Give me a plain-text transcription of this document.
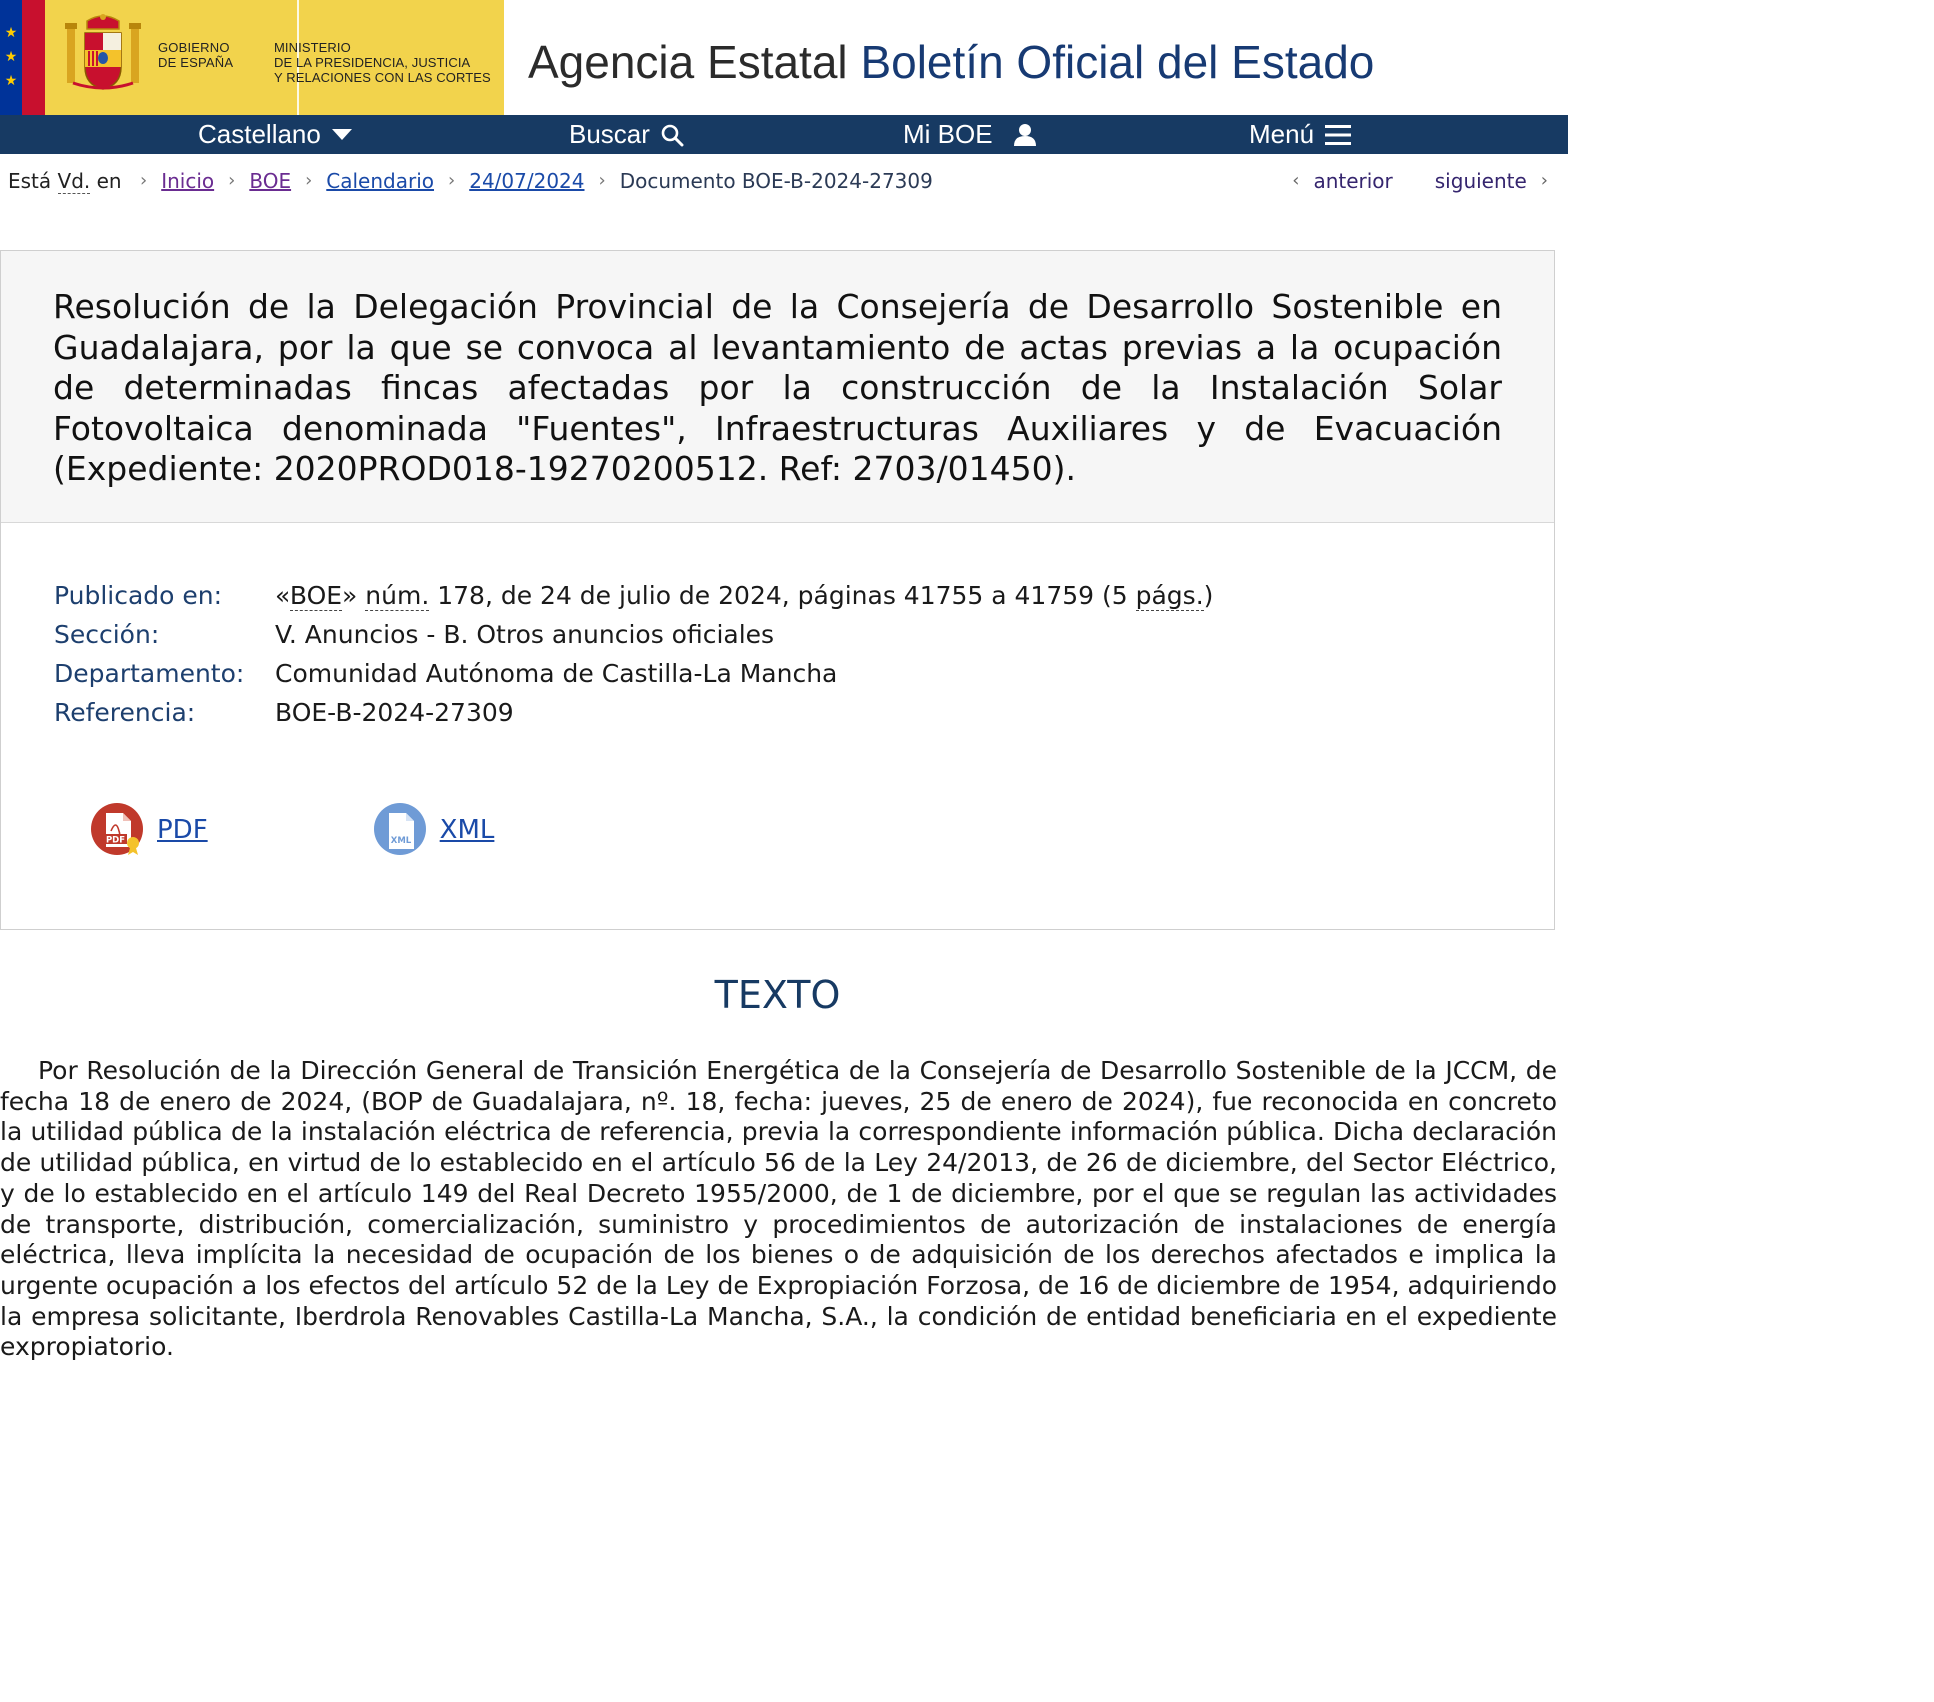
★
★
★
GOBIERNO
DE ESPAÑA
MINISTERIO
DE LA PRESIDENCIA, JUSTICIA
Y RELACIONES CON LAS CORTES Agencia Estatal Boletín Oficial del Estado
Castellano	Buscar	Mi BOE	Menú
Está Vd. en › Inicio › BOE › Calendario › 24/07/2024 › Documento BOE-B-2024-27309	‹ anterior siguiente ›
Resolución de la Delegación Provincial de la Consejería de Desarrollo Sostenible en Guadalajara, por la que se convoca al levantamiento de actas previas a la ocupación de determinadas fincas afectadas por la construcción de la Instalación Solar Fotovoltaica denominada "Fuentes", Infraestructuras Auxiliares y de Evacuación (Expediente: 2020PROD018-19270200512. Ref: 2703/01450).
Publicado en:	«BOE» núm. 178, de 24 de julio de 2024, páginas 41755 a 41759 (5 págs.)
Sección:	V. Anuncios - B. Otros anuncios oficiales
Departamento:	Comunidad Autónoma de Castilla-La Mancha
Referencia:	BOE-B-2024-27309
PDF PDF	XML XML
TEXTO

Por Resolución de la Dirección General de Transición Energética de la Consejería de Desarrollo Sostenible de la JCCM, de fecha 18 de enero de 2024, (BOP de Guadalajara, nº. 18, fecha: jueves, 25 de enero de 2024), fue reconocida en concreto la utilidad pública de la instalación eléctrica de referencia, previa la correspondiente información pública. Dicha declaración de utilidad pública, en virtud de lo establecido en el artículo 56 de la Ley 24/2013, de 26 de diciembre, del Sector Eléctrico, y de lo establecido en el artículo 149 del Real Decreto 1955/2000, de 1 de diciembre, por el que se regulan las actividades de transporte, distribución, comercialización, suministro y procedimientos de autorización de instalaciones de energía eléctrica, lleva implícita la necesidad de ocupación de los bienes o de adquisición de los derechos afectados e implica la urgente ocupación a los efectos del artículo 52 de la Ley de Expropiación Forzosa, de 16 de diciembre de 1954, adquiriendo la empresa solicitante, Iberdrola Renovables Castilla-La Mancha, S.A., la condición de entidad beneficiaria en el expediente expropiatorio.
